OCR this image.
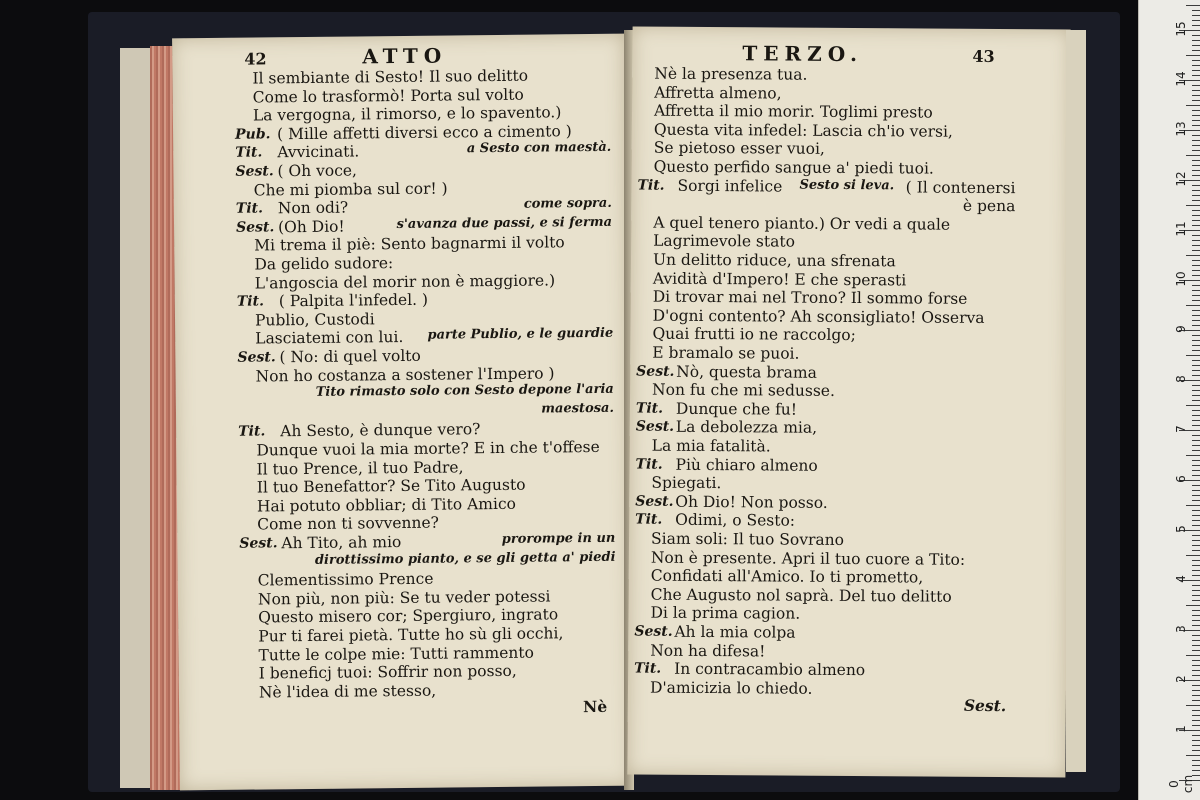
42	ATTO
Il sembiante di Sesto! Il suo delitto
Come lo trasformò! Porta sul volto
La vergogna, il rimorso, e lo spavento.)
Pub. ( Mille affetti diversi ecco a cimento )
Tit. Avvicinati.	a Sesto con maestà.
Sest. ( Oh voce,
Che mi piomba sul cor! )
Tit. Non odi?	come sopra.
Sest. (Oh Dio!	s'avanza due passi, e si ferma
Mi trema il piè: Sento bagnarmi il volto
Da gelido sudore:
L'angoscia del morir non è maggiore.)
Tit. ( Palpita l'infedel. )
Publio, Custodi
Lasciatemi con lui. parte Publio, e le guardie
Sest. ( No: di quel volto
Non ho costanza a sostener l'Impero )
Tito rimasto solo con Sesto depone l'aria
maestosa.
Tit. Ah Sesto, è dunque vero?
Dunque vuoi la mia morte? E in che t'offese
Il tuo Prence, il tuo Padre,
Il tuo Benefattor? Se Tito Augusto
Hai potuto obbliar; di Tito Amico
Come non ti sovvenne?
Sest. Ah Tito, ah mio	prorompe in un
dirottissimo pianto, e se gli getta a' piedi
Clementissimo Prence
Non più, non più: Se tu veder potessi
Questo misero cor; Spergiuro, ingrato
Pur ti farei pietà. Tutte ho sù gli occhi,
Tutte le colpe mie: Tutti rammento
I beneficj tuoi: Soffrir non posso,
Nè l'idea di me stesso,
Nè
TERZO.	43
Nè la presenza tua.
Affretta almeno,
Affretta il mio morir. Toglimi presto
Questa vita infedel: Lascia ch'io versi,
Se pietoso esser vuoi,
Questo perfido sangue a' piedi tuoi.
Tit. Sorgi infelice Sesto si leva. ( Il contenersi
è pena
A quel tenero pianto.) Or vedi a quale
Lagrimevole stato
Un delitto riduce, una sfrenata
Avidità d'Impero! E che sperasti
Di trovar mai nel Trono? Il sommo forse
D'ogni contento? Ah sconsigliato! Osserva
Quai frutti io ne raccolgo;
E bramalo se puoi.
Sest. Nò, questa brama
Non fu che mi sedusse.
Tit. Dunque che fu!
Sest. La debolezza mia,
La mia fatalità.
Tit. Più chiaro almeno
Spiegati.
Sest. Oh Dio! Non posso.
Tit. Odimi, o Sesto:
Siam soli: Il tuo Sovrano
Non è presente. Apri il tuo cuore a Tito:
Confidati all'Amico. Io ti prometto,
Che Augusto nol saprà. Del tuo delitto
Di la prima cagion.
Sest. Ah la mia colpa
Non ha difesa!
Tit. In contracambio almeno
D'amicizia lo chiedo.
Sest.
1
2
3
4
5
6
7
8
9
10
11
12
13
14
15
0 cm
